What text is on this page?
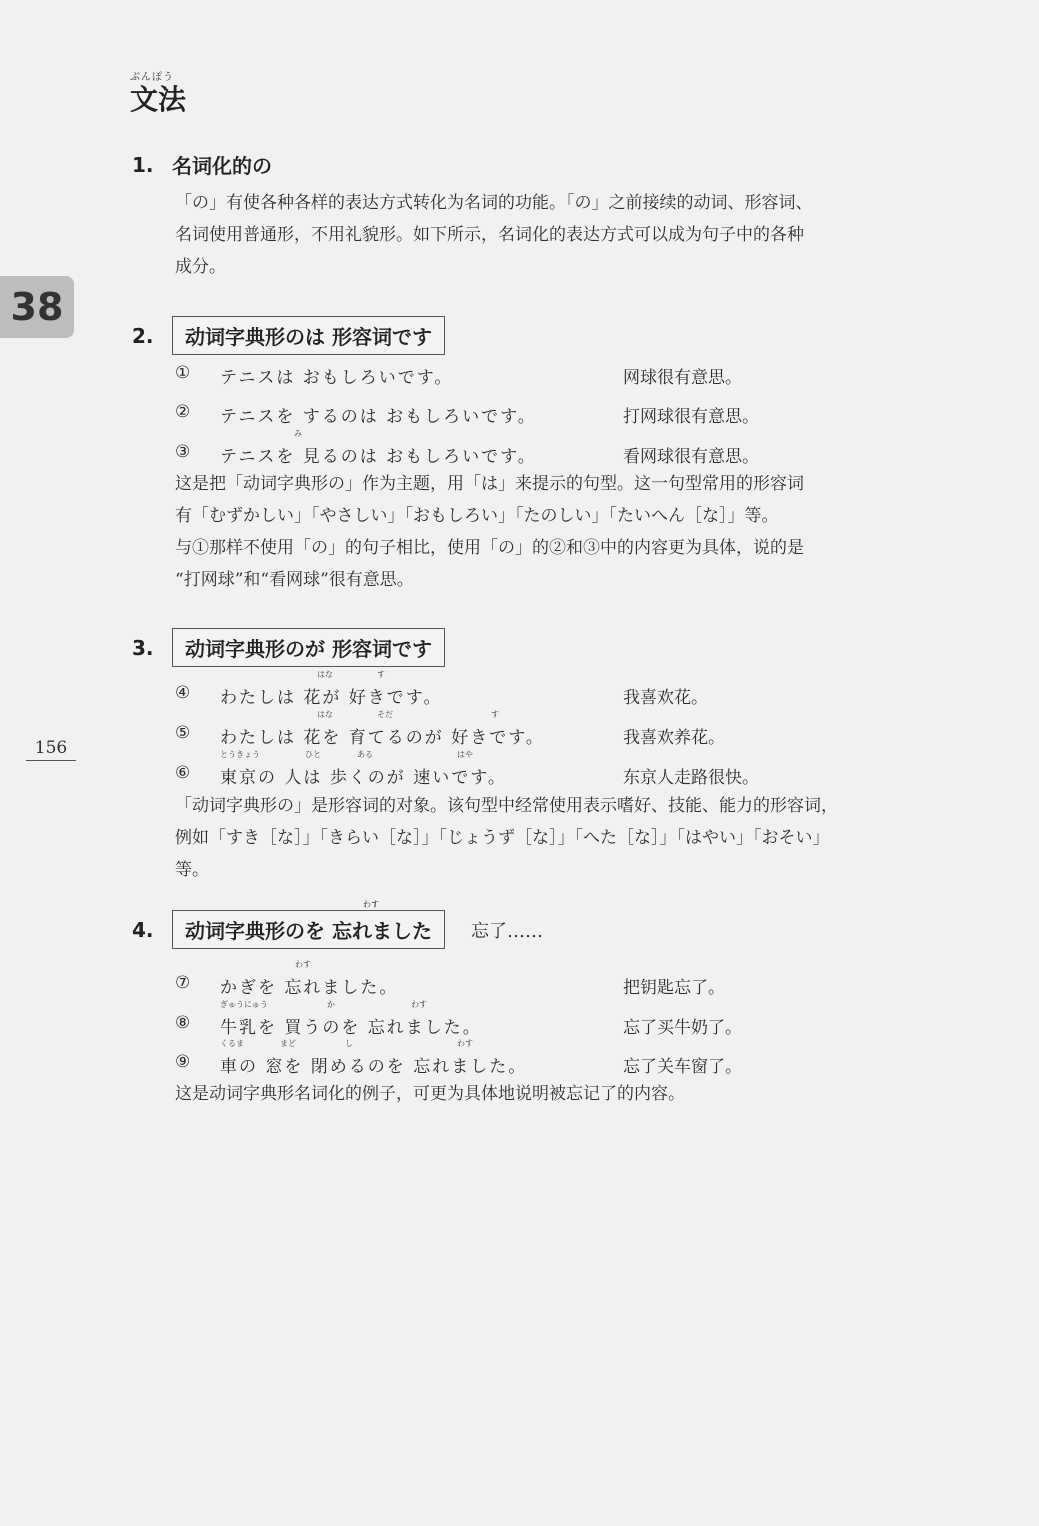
ぶんぽう
文法
38
156
1. 名词化的の
「の」有使各种各样的表达方式转化为名词的功能。「の」之前接续的动词、形容词、
名词使用普通形，不用礼貌形。如下所示，名词化的表达方式可以成为句子中的各种
成分。
2.	动词字典形のは 形容词です
① テニスは おもしろいです。	网球很有意思。
② テニスを するのは おもしろいです。	打网球很有意思。
み
③ テニスを 見るのは おもしろいです。	看网球很有意思。
这是把「动词字典形の」作为主题，用「は」来提示的句型。这一句型常用的形容词
有「むずかしい」「やさしい」「おもしろい」「たのしい」「たいへん［な］」等。
与①那样不使用「の」的句子相比，使用「の」的②和③中的内容更为具体，说的是
“打网球”和“看网球”很有意思。
3.	动词字典形のが 形容词です
はな	す
④ わたしは 花が 好きです。	我喜欢花。
はな	そだ	す
⑤ わたしは 花を 育てるのが 好きです。	我喜欢养花。
とうきょう	ひと	ある	はや
⑥ 東京の 人は 歩くのが 速いです。	东京人走路很快。
「动词字典形の」是形容词的对象。该句型中经常使用表示嗜好、技能、能力的形容词，
例如「すき［な］」「きらい［な］」「じょうず［な］」「へた［な］」「はやい」「おそい」
等。
4.
わす
动词字典形のを 忘れました	忘了……
わす
⑦ かぎを 忘れました。	把钥匙忘了。
ぎゅうにゅう	か	わす
⑧ 牛乳を 買うのを 忘れました。	忘了买牛奶了。
くるま	まど	し	わす
⑨ 車の 窓を 閉めるのを 忘れました。	忘了关车窗了。
这是动词字典形名词化的例子，可更为具体地说明被忘记了的内容。
